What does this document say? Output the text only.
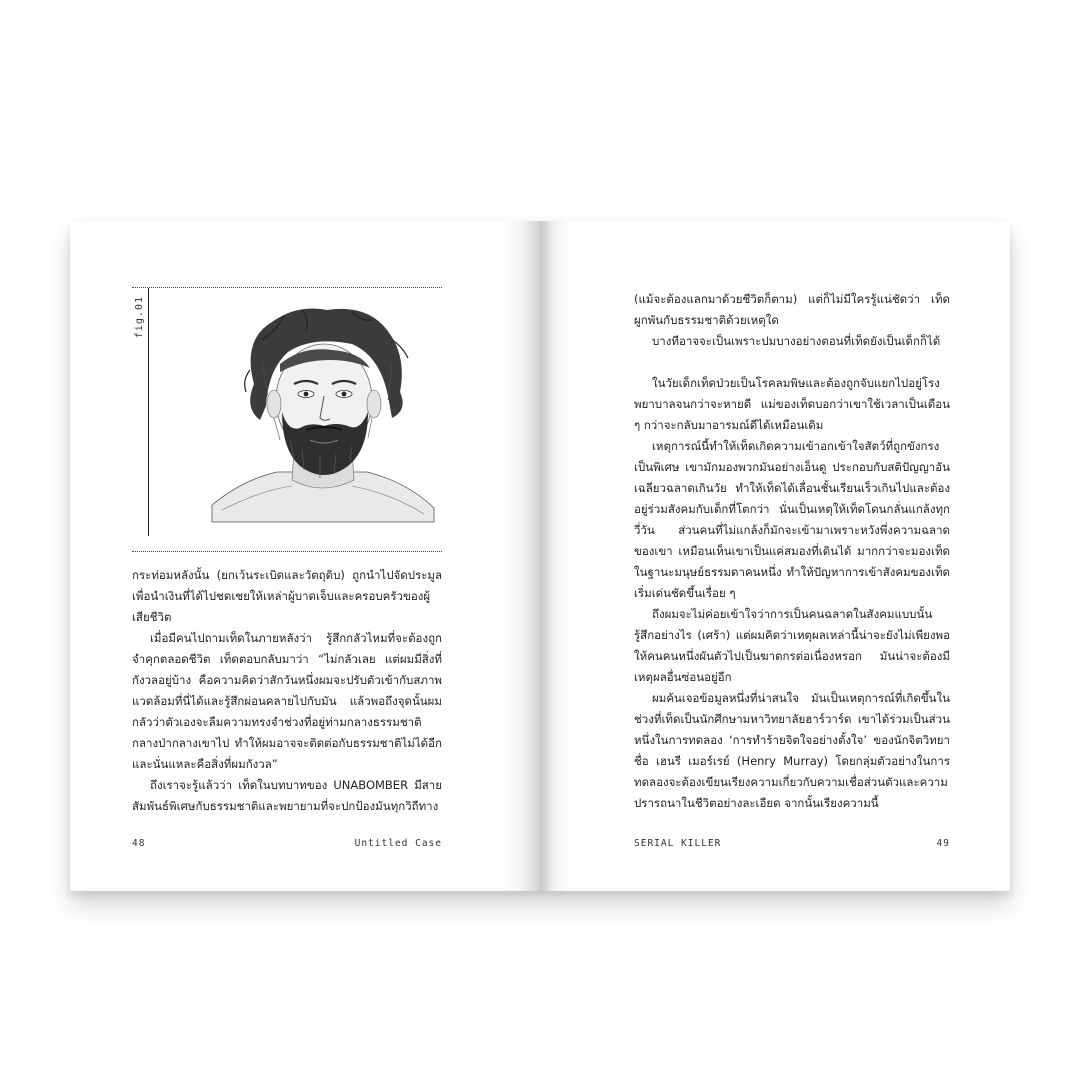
fig.01

กระท่อมหลังนั้น (ยกเว้นระเบิดและวัตถุดิบ) ถูกนำไปจัดประมูลเพื่อนำเงินที่ได้ไปชดเชยให้เหล่าผู้บาดเจ็บและครอบครัวของผู้เสียชีวิต

เมื่อมีคนไปถามเท็ดในภายหลังว่า รู้สึกกลัวไหมที่จะต้องถูกจำคุกตลอดชีวิต เท็ดตอบกลับมาว่า “ไม่กลัวเลย แต่ผมมีสิ่งที่กังวลอยู่บ้าง คือความคิดว่าสักวันหนึ่งผมจะปรับตัวเข้ากับสภาพแวดล้อมที่นี่ได้และรู้สึกผ่อนคลายไปกับมัน แล้วพอถึงจุดนั้นผมกลัวว่าตัวเองจะลืมความทรงจำช่วงที่อยู่ท่ามกลางธรรมชาติกลางป่ากลางเขาไป ทำให้ผมอาจจะติดต่อกับธรรมชาติไม่ได้อีก และนั่นแหละคือสิ่งที่ผมกังวล”

ถึงเราจะรู้แล้วว่า เท็ดในบทบาทของ UNABOMBER มีสายสัมพันธ์พิเศษกับธรรมชาติและพยายามที่จะปกป้องมันทุกวิถีทาง

48	Untitled Case

(แม้จะต้องแลกมาด้วยชีวิตก็ตาม) แต่ก็ไม่มีใครรู้แน่ชัดว่า เท็ดผูกพันกับธรรมชาติด้วยเหตุใด

บางทีอาจจะเป็นเพราะปมบางอย่างตอนที่เท็ดยังเป็นเด็กก็ได้

ในวัยเด็กเท็ดป่วยเป็นโรคลมพิษและต้องถูกจับแยกไปอยู่โรงพยาบาลจนกว่าจะหายดี แม่ของเท็ดบอกว่าเขาใช้เวลาเป็นเดือน ๆ กว่าจะกลับมาอารมณ์ดีได้เหมือนเดิม

เหตุการณ์นี้ทำให้เท็ดเกิดความเข้าอกเข้าใจสัตว์ที่ถูกขังกรงเป็นพิเศษ เขามักมองพวกมันอย่างเอ็นดู ประกอบกับสติปัญญาอันเฉลียวฉลาดเกินวัย ทำให้เท็ดได้เลื่อนชั้นเรียนเร็วเกินไปและต้องอยู่ร่วมสังคมกับเด็กที่โตกว่า นั่นเป็นเหตุให้เท็ดโดนกลั่นแกล้งทุกวี่วัน ส่วนคนที่ไม่แกล้งก็มักจะเข้ามาเพราะหวังพึ่งความฉลาดของเขา เหมือนเห็นเขาเป็นแค่สมองที่เดินได้ มากกว่าจะมองเท็ดในฐานะมนุษย์ธรรมดาคนหนึ่ง ทำให้ปัญหาการเข้าสังคมของเท็ดเริ่มเด่นชัดขึ้นเรื่อย ๆ

ถึงผมจะไม่ค่อยเข้าใจว่าการเป็นคนฉลาดในสังคมแบบนั้นรู้สึกอย่างไร (เศร้า) แต่ผมคิดว่าเหตุผลเหล่านี้น่าจะยังไม่เพียงพอให้คนคนหนึ่งผันตัวไปเป็นฆาตกรต่อเนื่องหรอก มันน่าจะต้องมีเหตุผลอื่นซ่อนอยู่อีก

ผมค้นเจอข้อมูลหนึ่งที่น่าสนใจ มันเป็นเหตุการณ์ที่เกิดขึ้นในช่วงที่เท็ดเป็นนักศึกษามหาวิทยาลัยฮาร์วาร์ด เขาได้ร่วมเป็นส่วนหนึ่งในการทดลอง ‘การทำร้ายจิตใจอย่างตั้งใจ’ ของนักจิตวิทยาชื่อ เฮนรี เมอร์เรย์ (Henry Murray) โดยกลุ่มตัวอย่างในการทดลองจะต้องเขียนเรียงความเกี่ยวกับความเชื่อส่วนตัวและความปรารถนาในชีวิตอย่างละเอียด จากนั้นเรียงความนี้

SERIAL KILLER	49
